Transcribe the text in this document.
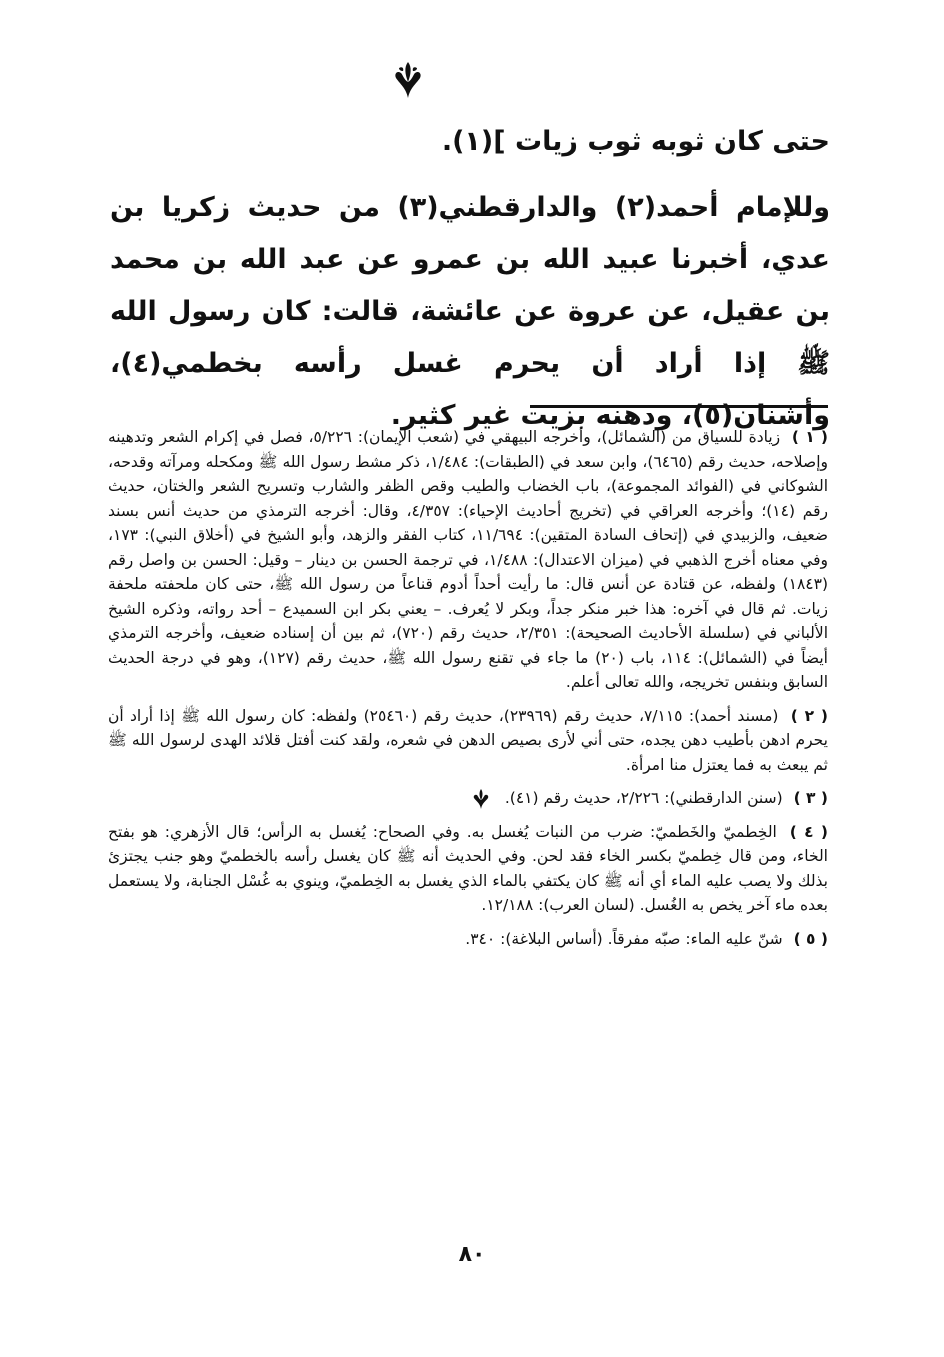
حتى كان ثوبه ثوب زيات ](١).

وللإمام أحمد(٢) والدارقطني(٣) من حديث زكريا بن عدي، أخبرنا عبيد الله بن عمرو عن عبد الله بن محمد بن عقيل، عن عروة عن عائشة، قالت: كان رسول الله ﷺ إذا أراد أن يحرم غسل رأسه بخطمي(٤)، وأشنان(٥)، ودهنه بزيت غير كثير.

( ١ ) زيادة للسياق من (الشمائل)، وأخرجه البيهقي في (شعب الإيمان): ٥/٢٢٦، فصل في إكرام الشعر وتدهينه وإصلاحه، حديث رقم (٦٤٦٥)، وابن سعد في (الطبقات): ١/٤٨٤، ذكر مشط رسول الله ﷺ ومكحله ومرآته وقدحه، الشوكاني في (الفوائد المجموعة)، باب الخضاب والطيب وقص الظفر والشارب وتسريح الشعر والختان، حديث رقم (١٤)؛ وأخرجه العراقي في (تخريج أحاديث الإحياء): ٤/٣٥٧، وقال: أخرجه الترمذي من حديث أنس بسند ضعيف، والزبيدي في (إتحاف السادة المتقين): ١١/٦٩٤، كتاب الفقر والزهد، وأبو الشيخ في (أخلاق النبي): ١٧٣، وفي معناه أخرج الذهبي في (ميزان الاعتدال): ١/٤٨٨، في ترجمة الحسن بن دينار – وقيل: الحسن بن واصل رقم (١٨٤٣) ولفظه، عن قتادة عن أنس قال: ما رأيت أحداً أدوم قناعاً من رسول الله ﷺ، حتى كان ملحفته ملحفة زيات. ثم قال في آخره: هذا خبر منكر جداً، وبكر لا يُعرف. – يعني بكر ابن السميدع – أحد رواته، وذكره الشيخ الألباني في (سلسلة الأحاديث الصحيحة): ٢/٣٥١، حديث رقم (٧٢٠)، ثم بين أن إسناده ضعيف، وأخرجه الترمذي أيضاً في (الشمائل): ١١٤، باب (٢٠) ما جاء في تقنع رسول الله ﷺ، حديث رقم (١٢٧)، وهو في درجة الحديث السابق وبنفس تخريجه، والله تعالى أعلم.

( ٢ ) (مسند أحمد): ٧/١١٥، حديث رقم (٢٣٩٦٩)، حديث رقم (٢٥٤٦٠) ولفظه: كان رسول الله ﷺ إذا أراد أن يحرم ادهن بأطيب دهن يجده، حتى أني لأرى بصيص الدهن في شعره، ولقد كنت أفتل قلائد الهدى لرسول الله ﷺ ثم يبعث به فما يعتزل منا امرأة.

( ٣ ) (سنن الدارقطني): ٢/٢٢٦، حديث رقم (٤١).

( ٤ ) الخِطميّ والخَطميّ: ضرب من النبات يُغسل به. وفي الصحاح: يُغسل به الرأس؛ قال الأزهري: هو بفتح الخاء، ومن قال خِطميّ بكسر الخاء فقد لحن. وفي الحديث أنه ﷺ كان يغسل رأسه بالخطميّ وهو جنب يجتزئ بذلك ولا يصب عليه الماء أي أنه ﷺ كان يكتفي بالماء الذي يغسل به الخِطميّ، وينوي به غُسْل الجنابة، ولا يستعمل بعده ماء آخر يخص به الغُسل. (لسان العرب): ١٢/١٨٨.

( ٥ ) شنّ عليه الماء: صبّه مفرقاً. (أساس البلاغة): ٣٤٠.

٨٠
